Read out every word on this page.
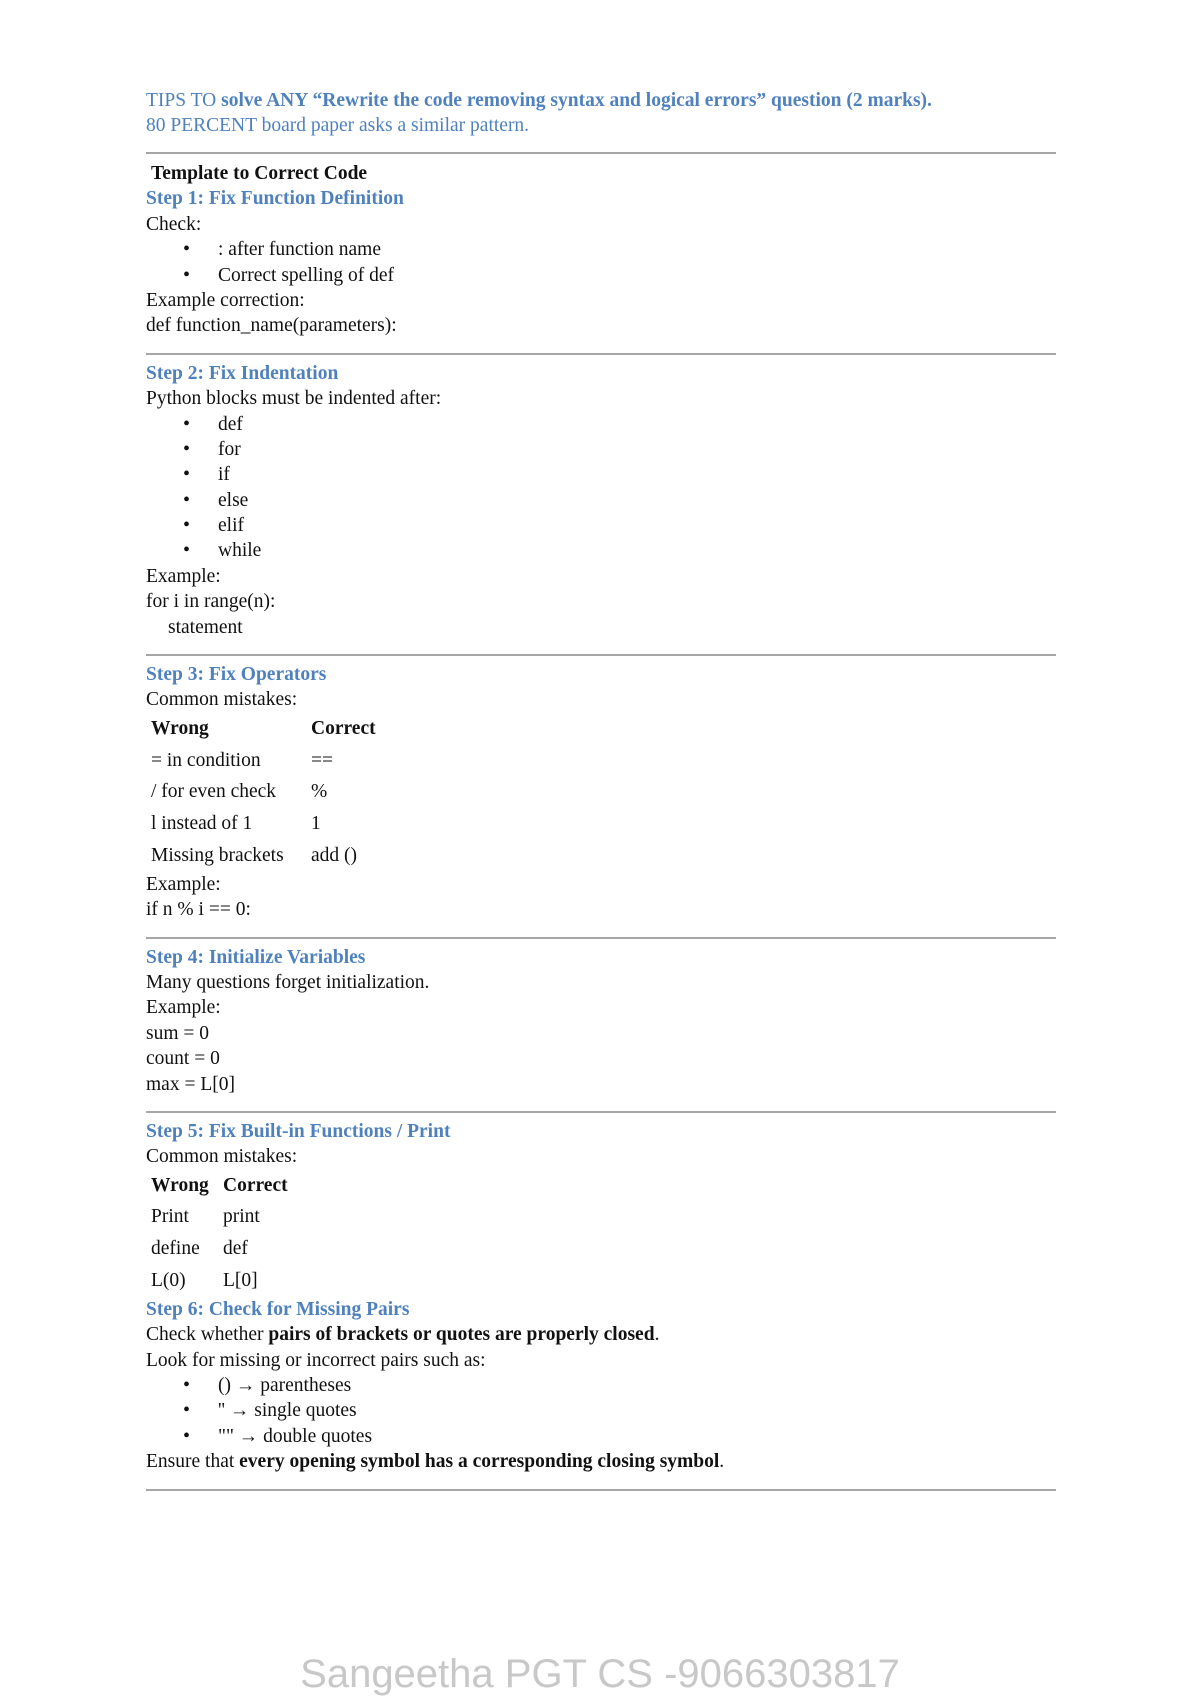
TIPS TO solve ANY “Rewrite the code removing syntax and logical errors” question (2 marks).

80 PERCENT board paper asks a similar pattern.

Template to Correct Code
Step 1: Fix Function Definition
Check:
• : after function name
• Correct spelling of def
Example correction:
def function_name(parameters):
Step 2: Fix Indentation
Python blocks must be indented after:
• def
• for
• if
• else
• elif
• while
Example:
for i in range(n):
statement
Step 3: Fix Operators
Common mistakes:
Wrong	Correct
= in condition	==
/ for even check	%
l instead of 1	1
Missing brackets	add ()
Example:
if n % i == 0:
Step 4: Initialize Variables
Many questions forget initialization.
Example:
sum = 0
count = 0
max = L[0]
Step 5: Fix Built-in Functions / Print
Common mistakes:
Wrong	Correct
Print	print
define	def
L(0)	L[0]
Step 6: Check for Missing Pairs
Check whether pairs of brackets or quotes are properly closed.
Look for missing or incorrect pairs such as:
• () → parentheses
• '' → single quotes
• "" → double quotes
Ensure that every opening symbol has a corresponding closing symbol.
Sangeetha PGT CS -9066303817
